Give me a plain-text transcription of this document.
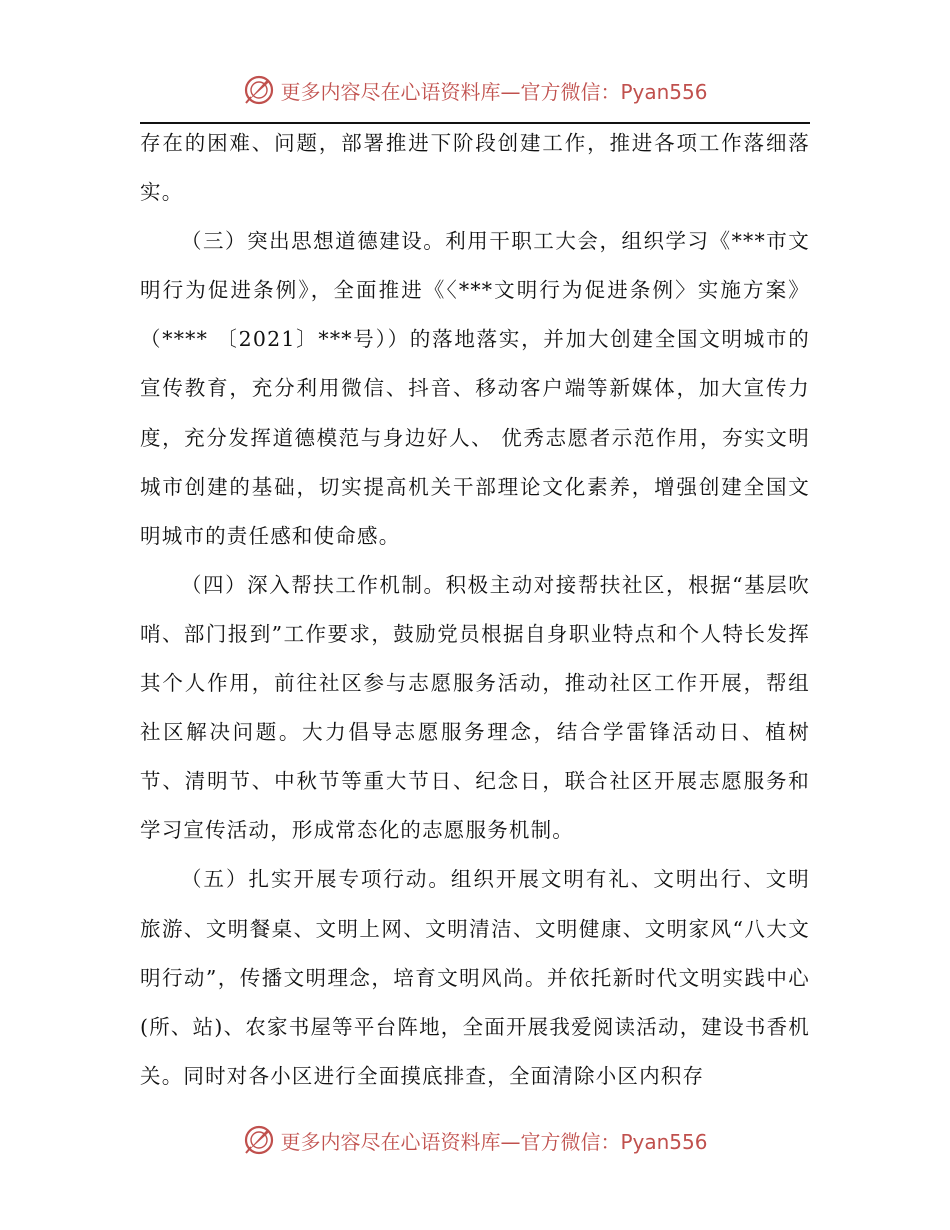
更多内容尽在心语资料库—官方微信：Pyan556

存在的困难、问题，部署推进下阶段创建工作，推进各项工作落细落实。

（三）突出思想道德建设。利用干职工大会，组织学习《***市文明行为促进条例》，全面推进《〈***文明行为促进条例〉实施方案》（**** 〔2021〕***号））的落地落实，并加大创建全国文明城市的宣传教育，充分利用微信、抖音、移动客户端等新媒体，加大宣传力度，充分发挥道德模范与身边好人、 优秀志愿者示范作用，夯实文明城市创建的基础，切实提高机关干部理论文化素养，增强创建全国文明城市的责任感和使命感。

（四）深入帮扶工作机制。积极主动对接帮扶社区，根据“基层吹哨、部门报到”工作要求，鼓励党员根据自身职业特点和个人特长发挥其个人作用，前往社区参与志愿服务活动，推动社区工作开展，帮组社区解决问题。大力倡导志愿服务理念，结合学雷锋活动日、植树节、清明节、中秋节等重大节日、纪念日，联合社区开展志愿服务和学习宣传活动，形成常态化的志愿服务机制。

（五）扎实开展专项行动。组织开展文明有礼、文明出行、文明旅游、文明餐桌、文明上网、文明清洁、文明健康、文明家风“八大文明行动”，传播文明理念，培育文明风尚。并依托新时代文明实践中心(所、站)、农家书屋等平台阵地，全面开展我爱阅读活动，建设书香机关。同时对各小区进行全面摸底排查，全面清除小区内积存

更多内容尽在心语资料库—官方微信：Pyan556
